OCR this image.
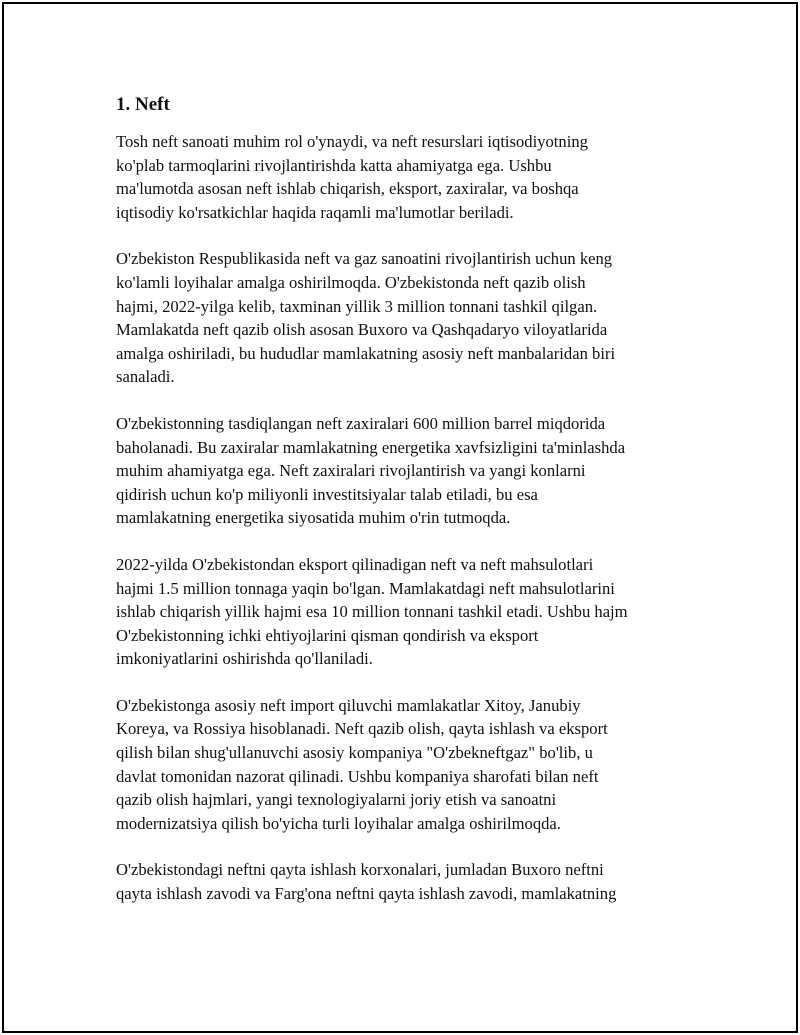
1. Neft
Tosh neft sanoati muhim rol o'ynaydi, va neft resurslari iqtisodiyotning
ko'plab tarmoqlarini rivojlantirishda katta ahamiyatga ega. Ushbu
ma'lumotda asosan neft ishlab chiqarish, eksport, zaxiralar, va boshqa
iqtisodiy ko'rsatkichlar haqida raqamli ma'lumotlar beriladi.
O'zbekiston Respublikasida neft va gaz sanoatini rivojlantirish uchun keng
ko'lamli loyihalar amalga oshirilmoqda. O'zbekistonda neft qazib olish
hajmi, 2022-yilga kelib, taxminan yillik 3 million tonnani tashkil qilgan.
Mamlakatda neft qazib olish asosan Buxoro va Qashqadaryo viloyatlarida
amalga oshiriladi, bu hududlar mamlakatning asosiy neft manbalaridan biri
sanaladi.
O'zbekistonning tasdiqlangan neft zaxiralari 600 million barrel miqdorida
baholanadi. Bu zaxiralar mamlakatning energetika xavfsizligini ta'minlashda
muhim ahamiyatga ega. Neft zaxiralari rivojlantirish va yangi konlarni
qidirish uchun ko'p miliyonli investitsiyalar talab etiladi, bu esa
mamlakatning energetika siyosatida muhim o'rin tutmoqda.
2022-yilda O'zbekistondan eksport qilinadigan neft va neft mahsulotlari
hajmi 1.5 million tonnaga yaqin bo'lgan. Mamlakatdagi neft mahsulotlarini
ishlab chiqarish yillik hajmi esa 10 million tonnani tashkil etadi. Ushbu hajm
O'zbekistonning ichki ehtiyojlarini qisman qondirish va eksport
imkoniyatlarini oshirishda qo'llaniladi.
O'zbekistonga asosiy neft import qiluvchi mamlakatlar Xitoy, Janubiy
Koreya, va Rossiya hisoblanadi. Neft qazib olish, qayta ishlash va eksport
qilish bilan shug'ullanuvchi asosiy kompaniya "O'zbekneftgaz" bo'lib, u
davlat tomonidan nazorat qilinadi. Ushbu kompaniya sharofati bilan neft
qazib olish hajmlari, yangi texnologiyalarni joriy etish va sanoatni
modernizatsiya qilish bo'yicha turli loyihalar amalga oshirilmoqda.
O'zbekistondagi neftni qayta ishlash korxonalari, jumladan Buxoro neftni
qayta ishlash zavodi va Farg'ona neftni qayta ishlash zavodi, mamlakatning
